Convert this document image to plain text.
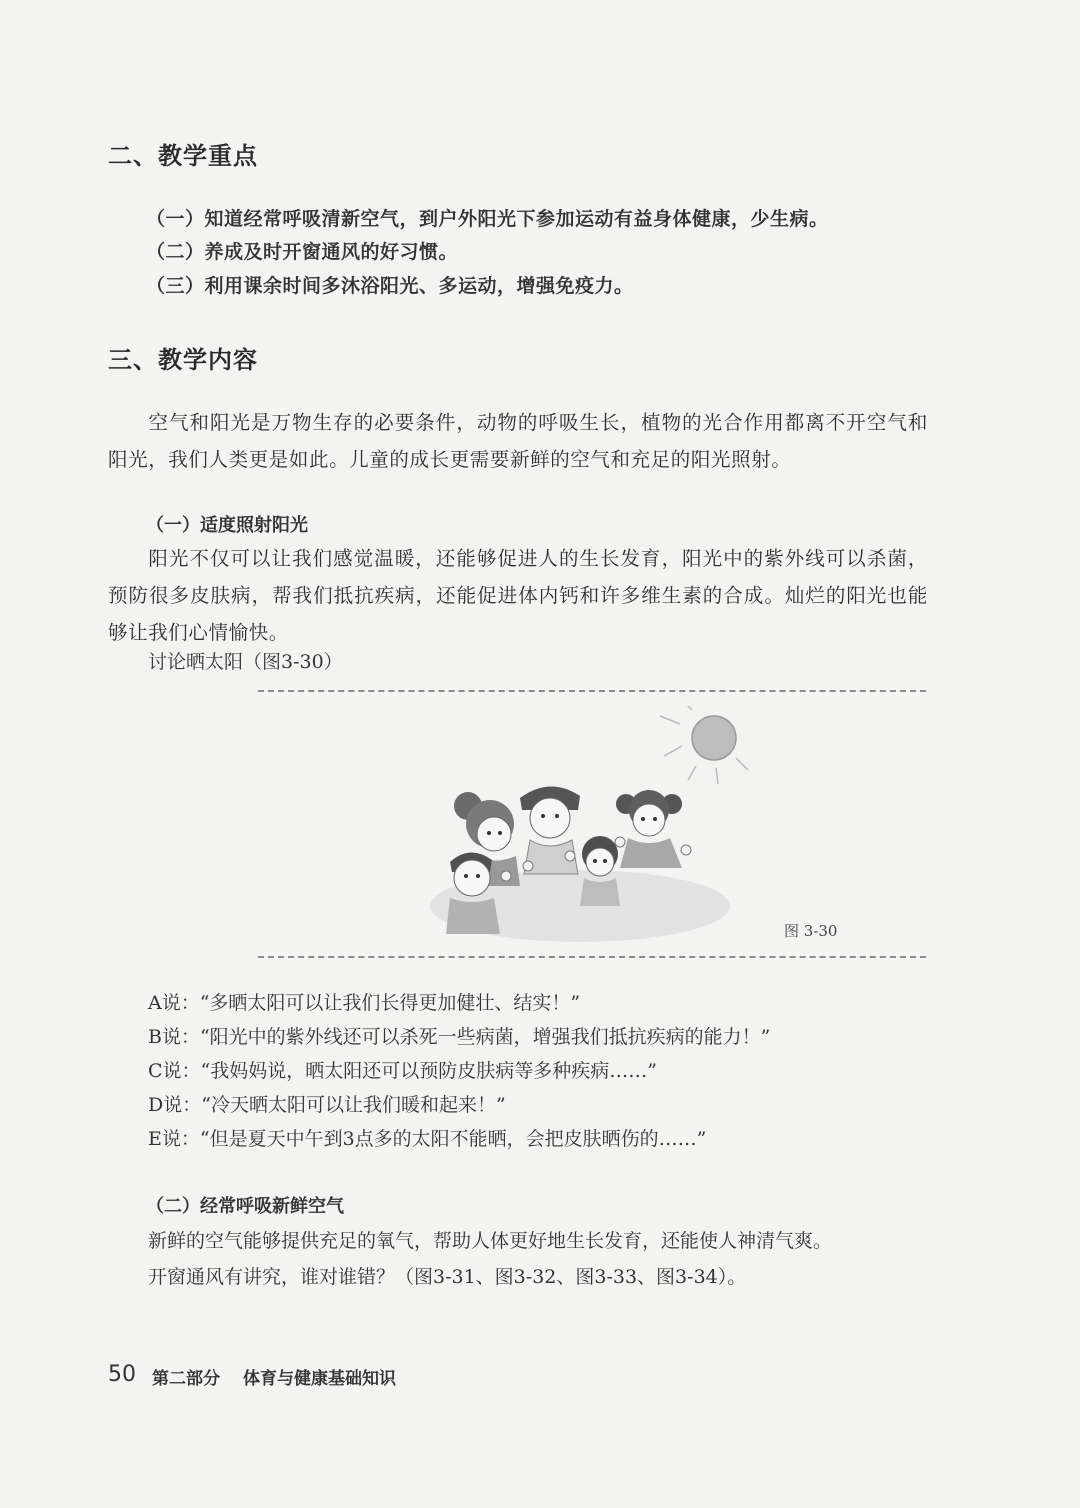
二、教学重点
（一）知道经常呼吸清新空气，到户外阳光下参加运动有益身体健康，少生病。
（二）养成及时开窗通风的好习惯。
（三）利用课余时间多沐浴阳光、多运动，增强免疫力。
三、教学内容
空气和阳光是万物生存的必要条件，动物的呼吸生长，植物的光合作用都离不开空气和阳光，我们人类更是如此。儿童的成长更需要新鲜的空气和充足的阳光照射。
（一）适度照射阳光
阳光不仅可以让我们感觉温暖，还能够促进人的生长发育，阳光中的紫外线可以杀菌，预防很多皮肤病，帮我们抵抗疾病，还能促进体内钙和许多维生素的合成。灿烂的阳光也能够让我们心情愉快。
讨论晒太阳（图3-30）
图 3-30
A说：“多晒太阳可以让我们长得更加健壮、结实！”
B说：“阳光中的紫外线还可以杀死一些病菌，增强我们抵抗疾病的能力！”
C说：“我妈妈说，晒太阳还可以预防皮肤病等多种疾病……”
D说：“冷天晒太阳可以让我们暖和起来！”
E说：“但是夏天中午到3点多的太阳不能晒，会把皮肤晒伤的……”
（二）经常呼吸新鲜空气
新鲜的空气能够提供充足的氧气，帮助人体更好地生长发育，还能使人神清气爽。
开窗通风有讲究，谁对谁错？（图3-31、图3-32、图3-33、图3-34）。
50 第二部分 体育与健康基础知识
